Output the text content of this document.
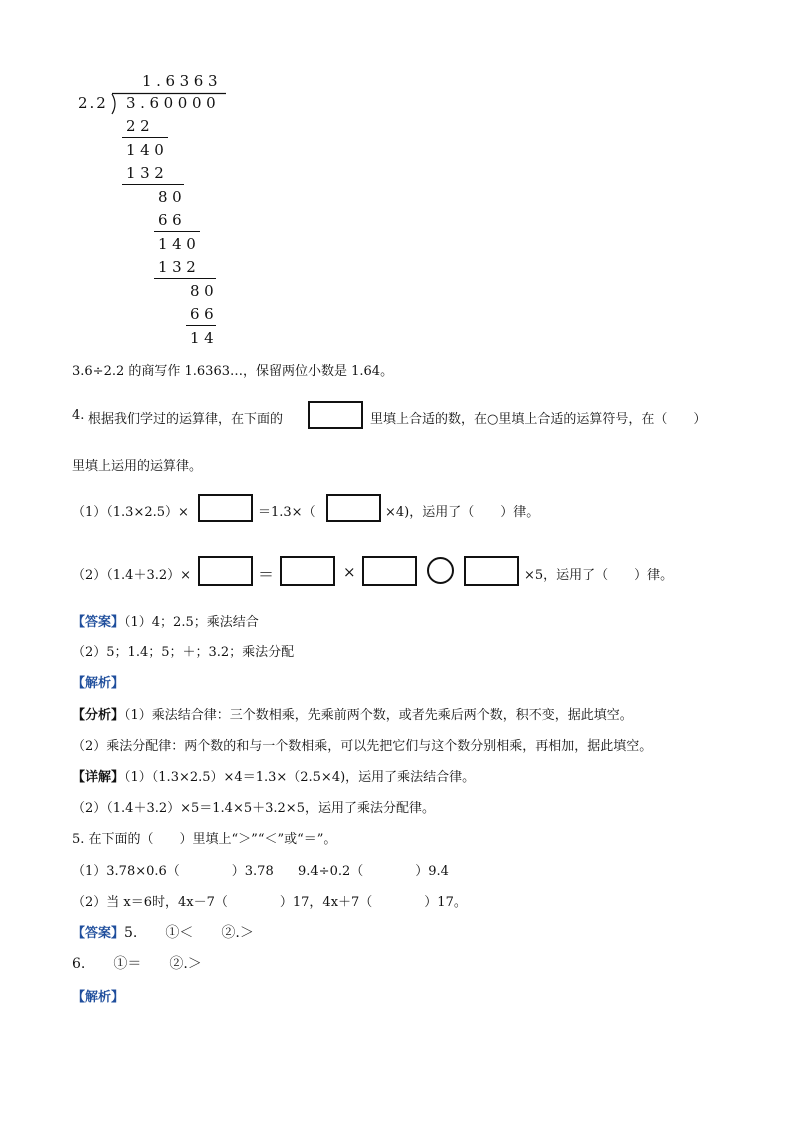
1.6363
2.2 3.60000
22
140
132
80
66
140
132
80
66
14
3.6÷2.2 的商写作 1.6363…，保留两位小数是 1.64。
4. 根据我们学过的运算律，在下面的	里填上合适的数，在○里填上合适的运算符号，在（　　）
里填上运用的运算律。
（1）（1.3×2.5）×	＝1.3×（	×4)，运用了（　　）律。
（2）（1.4＋3.2）×	＝	×	×5，运用了（　　）律。
【答案】（1）4；2.5；乘法结合
（2）5；1.4；5；＋；3.2；乘法分配
【解析】
【分析】（1）乘法结合律：三个数相乘，先乘前两个数，或者先乘后两个数，积不变，据此填空。
（2）乘法分配律：两个数的和与一个数相乘，可以先把它们与这个数分别相乘，再相加，据此填空。
【详解】（1）（1.3×2.5）×4＝1.3×（2.5×4)，运用了乘法结合律。
（2）（1.4＋3.2）×5＝1.4×5＋3.2×5，运用了乘法分配律。
5. 在下面的（　　）里填上“＞”“＜”或“＝”。
（1）3.78×0.6（　　　　）3.78 9.4÷0.2（　　　　）9.4
（2）当 x＝6时，4x－7（　　　　）17，4x＋7（　　　　）17。
【答案】5.　　①＜　　②.＞
6.　　①＝　　②.＞
【解析】
